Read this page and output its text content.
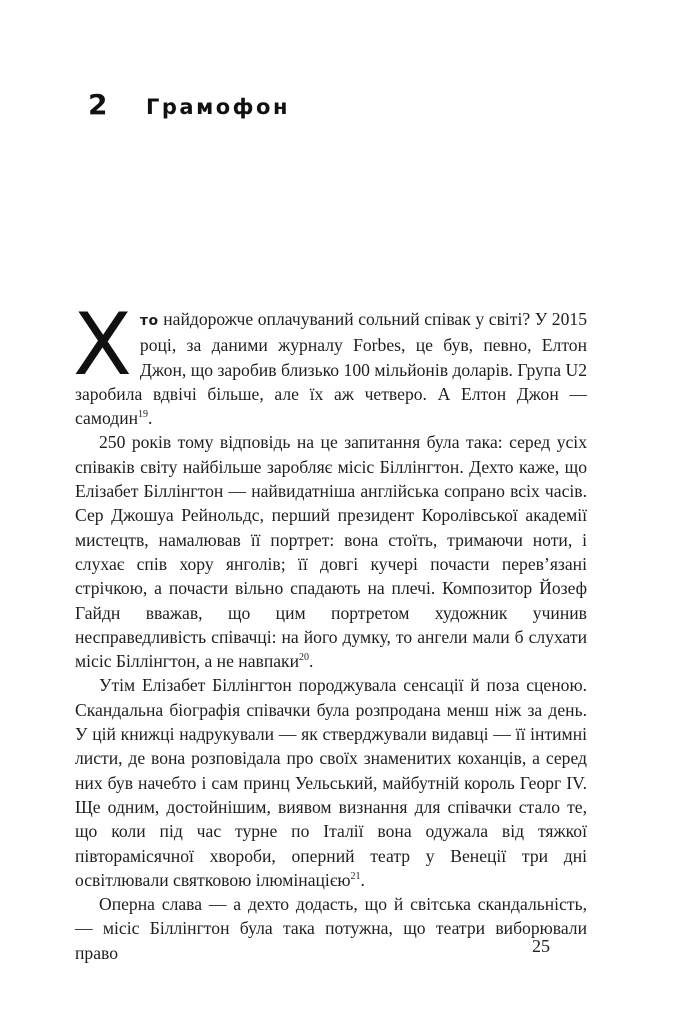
2	Грамофон

Хто найдорожче оплачуваний сольний співак у світі? У 2015 році, за даними журналу Forbes, це був, певно, Елтон Джон, що заробив близько 100 мільйонів доларів. Група U2 заробила вдвічі більше, але їх аж четверо. А Елтон Джон — самодин$^{19}$.

250 років тому відповідь на це запитання була така: серед усіх співаків світу найбільше заробляє місіс Біллінгтон. Дехто каже, що Елізабет Біллінгтон — найвидатніша англійська сопрано всіх часів. Сер Джошуа Рейнольдс, перший президент Королівської академії мистецтв, намалював її портрет: вона стоїть, тримаючи ноти, і слухає спів хору янголів; її довгі кучері почасти перев’язані стрічкою, а почасти вільно спадають на плечі. Композитор Йозеф Гайдн вважав, що цим портретом художник учинив несправедливість співачці: на його думку, то ангели мали б слухати місіс Біллінгтон, а не навпаки$^{20}$.

Утім Елізабет Біллінгтон породжувала сенсації й поза сценою. Скандальна біографія співачки була розпродана менш ніж за день. У цій книжці надрукували — як стверджували видавці — її інтимні листи, де вона розповідала про своїх знаменитих коханців, а серед них був начебто і сам принц Уельський, майбутній король Георг IV. Ще одним, достойнішим, виявом визнання для співачки стало те, що коли під час турне по Італії вона одужала від тяжкої півторамісячної хвороби, оперний театр у Венеції три дні освітлювали святковою ілюмінацією$^{21}$.

Оперна слава — а дехто додасть, що й світська скандальність, — місіс Біллінгтон була така потужна, що театри виборювали право	25
